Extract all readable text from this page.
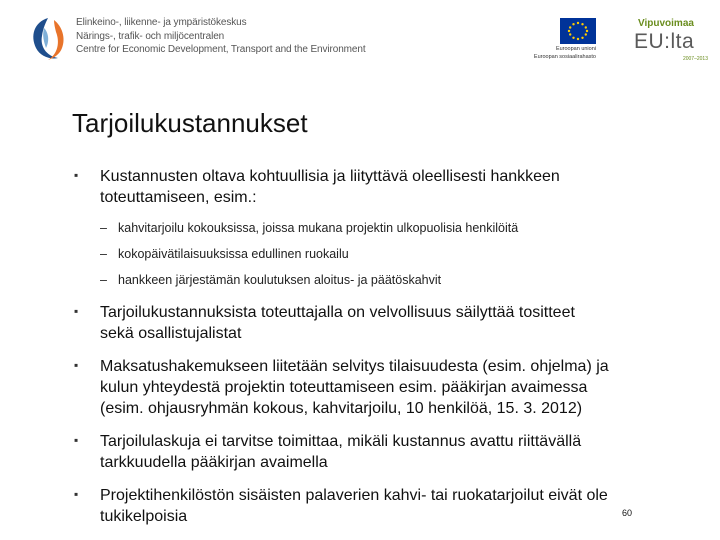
Elinkeino-, liikenne- ja ympäristökeskus
Närings-, trafik- och miljöcentralen
Centre for Economic Development, Transport and the Environment	Euroopan unioni
Euroopan sosiaalirahasto
Vipuvoimaa
EU:lta
2007–2013
Tarjoilukustannukset
▪ Kustannusten oltava kohtuullisia ja liityttävä oleellisesti hankkeen
toteuttamiseen, esim.:
– kahvitarjoilu kokouksissa, joissa mukana projektin ulkopuolisia henkilöitä
– kokopäivätilaisuuksissa edullinen ruokailu
– hankkeen järjestämän koulutuksen aloitus- ja päätöskahvit
▪ Tarjoilukustannuksista toteuttajalla on velvollisuus säilyttää tositteet
sekä osallistujalistat
▪ Maksatushakemukseen liitetään selvitys tilaisuudesta (esim. ohjelma) ja
kulun yhteydestä projektin toteuttamiseen esim. pääkirjan avaimessa
(esim. ohjausryhmän kokous, kahvitarjoilu, 10 henkilöä, 15. 3. 2012)
▪ Tarjoilulaskuja ei tarvitse toimittaa, mikäli kustannus avattu riittävällä
tarkkuudella pääkirjan avaimella
▪ Projektihenkilöstön sisäisten palaverien kahvi- tai ruokatarjoilut eivät ole
tukikelpoisia	60
